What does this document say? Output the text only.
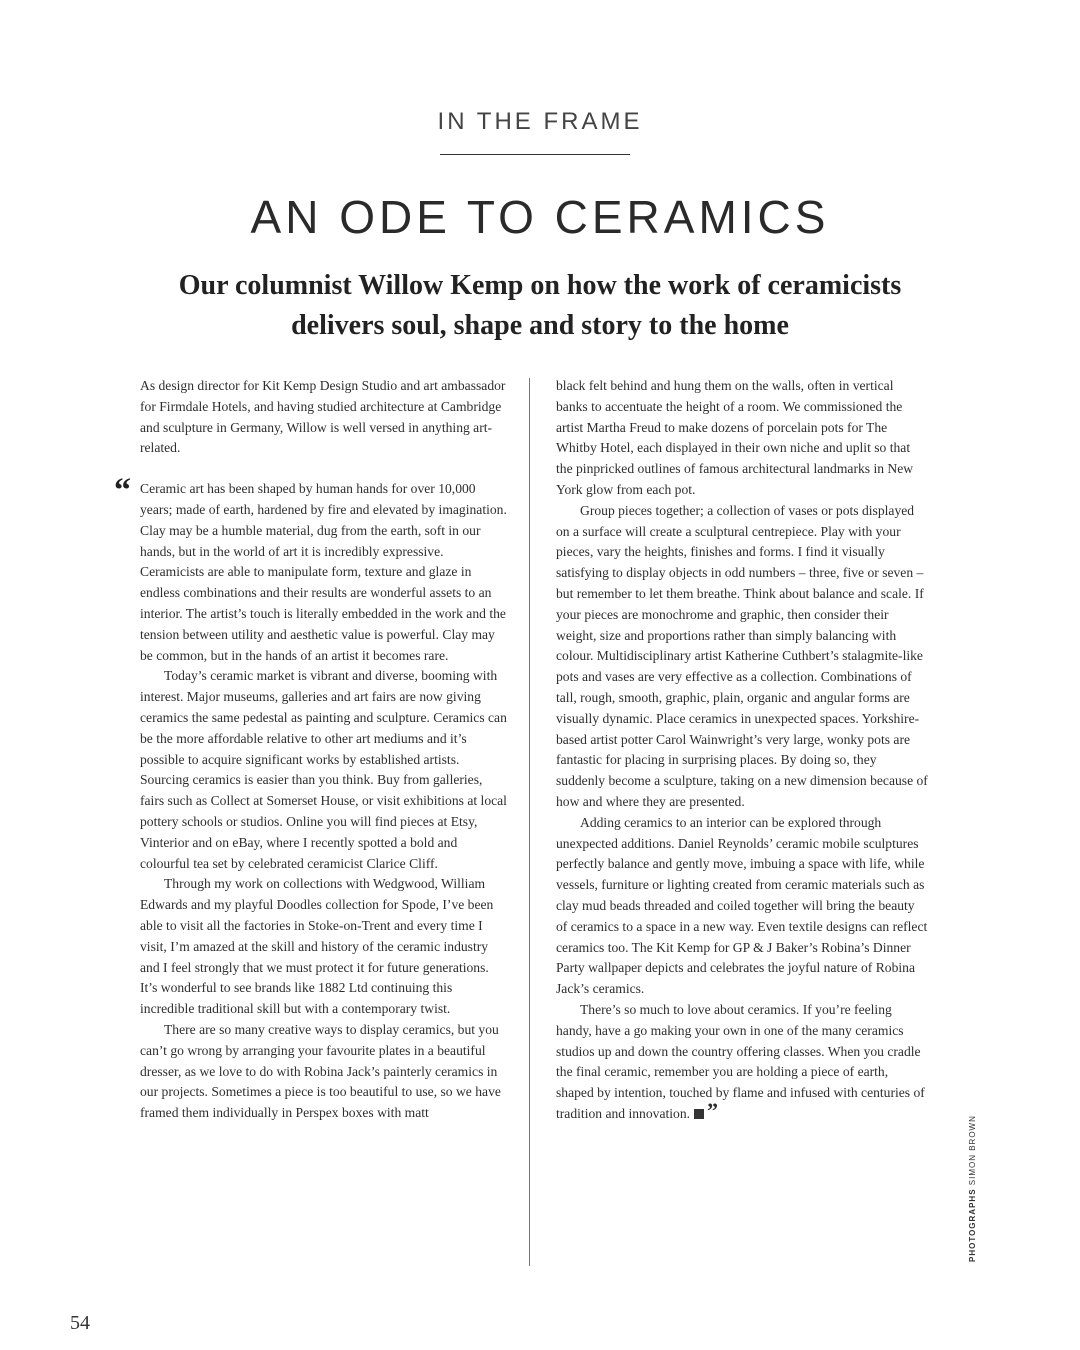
IN THE FRAME
AN ODE TO CERAMICS
Our columnist Willow Kemp on how the work of ceramicists delivers soul, shape and story to the home
“

As design director for Kit Kemp Design Studio and art ambassador for Firmdale Hotels, and having studied architecture at Cambridge and sculpture in Germany, Willow is well versed in anything art-related.

Ceramic art has been shaped by human hands for over 10,000 years; made of earth, hardened by fire and elevated by imagination. Clay may be a humble material, dug from the earth, soft in our hands, but in the world of art it is incredibly expressive. Ceramicists are able to manipulate form, texture and glaze in endless combinations and their results are wonderful assets to an interior. The artist’s touch is literally embedded in the work and the tension between utility and aesthetic value is powerful. Clay may be common, but in the hands of an artist it becomes rare.

Today’s ceramic market is vibrant and diverse, booming with interest. Major museums, galleries and art fairs are now giving ceramics the same pedestal as painting and sculpture. Ceramics can be the more affordable relative to other art mediums and it’s possible to acquire significant works by established artists. Sourcing ceramics is easier than you think. Buy from galleries, fairs such as Collect at Somerset House, or visit exhibitions at local pottery schools or studios. Online you will find pieces at Etsy, Vinterior and on eBay, where I recently spotted a bold and colourful tea set by celebrated ceramicist Clarice Cliff.

Through my work on collections with Wedgwood, William Edwards and my playful Doodles collection for Spode, I’ve been able to visit all the factories in Stoke-on-Trent and every time I visit, I’m amazed at the skill and history of the ceramic industry and I feel strongly that we must protect it for future generations. It’s wonderful to see brands like 1882 Ltd continuing this incredible traditional skill but with a contemporary twist.

There are so many creative ways to display ceramics, but you can’t go wrong by arranging your favourite plates in a beautiful dresser, as we love to do with Robina Jack’s painterly ceramics in our projects. Sometimes a piece is too beautiful to use, so we have framed them individually in Perspex boxes with matt

black felt behind and hung them on the walls, often in vertical banks to accentuate the height of a room. We commissioned the artist Martha Freud to make dozens of porcelain pots for The Whitby Hotel, each displayed in their own niche and uplit so that the pinpricked outlines of famous architectural landmarks in New York glow from each pot.

Group pieces together; a collection of vases or pots displayed on a surface will create a sculptural centrepiece. Play with your pieces, vary the heights, finishes and forms. I find it visually satisfying to display objects in odd numbers – three, five or seven – but remember to let them breathe. Think about balance and scale. If your pieces are monochrome and graphic, then consider their weight, size and proportions rather than simply balancing with colour. Multidisciplinary artist Katherine Cuthbert’s stalagmite-like pots and vases are very effective as a collection. Combinations of tall, rough, smooth, graphic, plain, organic and angular forms are visually dynamic. Place ceramics in unexpected spaces. Yorkshire-based artist potter Carol Wainwright’s very large, wonky pots are fantastic for placing in surprising places. By doing so, they suddenly become a sculpture, taking on a new dimension because of how and where they are presented.

Adding ceramics to an interior can be explored through unexpected additions. Daniel Reynolds’ ceramic mobile sculptures perfectly balance and gently move, imbuing a space with life, while vessels, furniture or lighting created from ceramic materials such as clay mud beads threaded and coiled together will bring the beauty of ceramics to a space in a new way. Even textile designs can reflect ceramics too. The Kit Kemp for GP & J Baker’s Robina’s Dinner Party wallpaper depicts and celebrates the joyful nature of Robina Jack’s ceramics.

There’s so much to love about ceramics. If you’re feeling handy, have a go making your own in one of the many ceramics studios up and down the country offering classes. When you cradle the final ceramic, remember you are holding a piece of earth, shaped by intention, touched by flame and infused with centuries of tradition and innovation. ”

PHOTOGRAPHS SIMON BROWN
54
